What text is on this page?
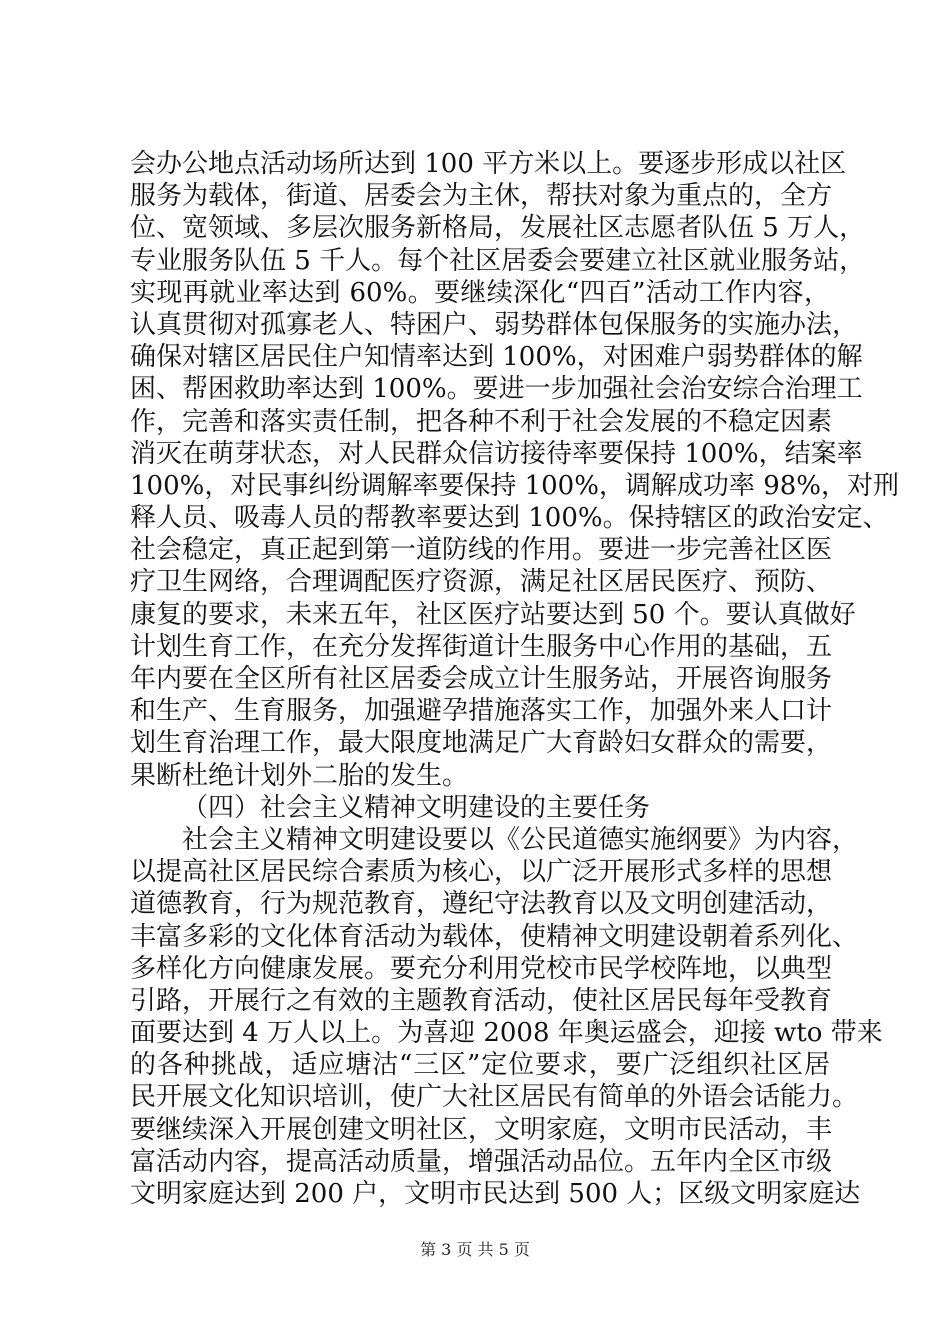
会办公地点活动场所达到 100 平方米以上。要逐步形成以社区
服务为载体，街道、居委会为主休，帮扶对象为重点的，全方
位、宽领域、多层次服务新格局，发展社区志愿者队伍 5 万人，
专业服务队伍 5 千人。每个社区居委会要建立社区就业服务站，
实现再就业率达到 60%。要继续深化“四百”活动工作内容，
认真贯彻对孤寡老人、特困户、弱势群体包保服务的实施办法，
确保对辖区居民住户知情率达到 100%，对困难户弱势群体的解
困、帮困救助率达到 100%。要进一步加强社会治安综合治理工
作，完善和落实责任制，把各种不利于社会发展的不稳定因素
消灭在萌芽状态，对人民群众信访接待率要保持 100%，结案率
100%，对民事纠纷调解率要保持 100%，调解成功率 98%，对刑
释人员、吸毒人员的帮教率要达到 100%。保持辖区的政治安定、
社会稳定，真正起到第一道防线的作用。要进一步完善社区医
疗卫生网络，合理调配医疗资源，满足社区居民医疗、预防、
康复的要求，未来五年，社区医疗站要达到 50 个。要认真做好
计划生育工作，在充分发挥街道计生服务中心作用的基础，五
年内要在全区所有社区居委会成立计生服务站，开展咨询服务
和生产、生育服务，加强避孕措施落实工作，加强外来人口计
划生育治理工作，最大限度地满足广大育龄妇女群众的需要，
果断杜绝计划外二胎的发生。
（四）社会主义精神文明建设的主要任务
社会主义精神文明建设要以《公民道德实施纲要》为内容，
以提高社区居民综合素质为核心，以广泛开展形式多样的思想
道德教育，行为规范教育，遵纪守法教育以及文明创建活动，
丰富多彩的文化体育活动为载体，使精神文明建设朝着系列化、
多样化方向健康发展。要充分利用党校市民学校阵地，以典型
引路，开展行之有效的主题教育活动，使社区居民每年受教育
面要达到 4 万人以上。为喜迎 2008 年奥运盛会，迎接 wto 带来
的各种挑战，适应塘沽“三区”定位要求，要广泛组织社区居
民开展文化知识培训，使广大社区居民有简单的外语会话能力。
要继续深入开展创建文明社区，文明家庭，文明市民活动，丰
富活动内容，提高活动质量，增强活动品位。五年内全区市级
文明家庭达到 200 户，文明市民达到 500 人；区级文明家庭达
第 3 页 共 5 页
